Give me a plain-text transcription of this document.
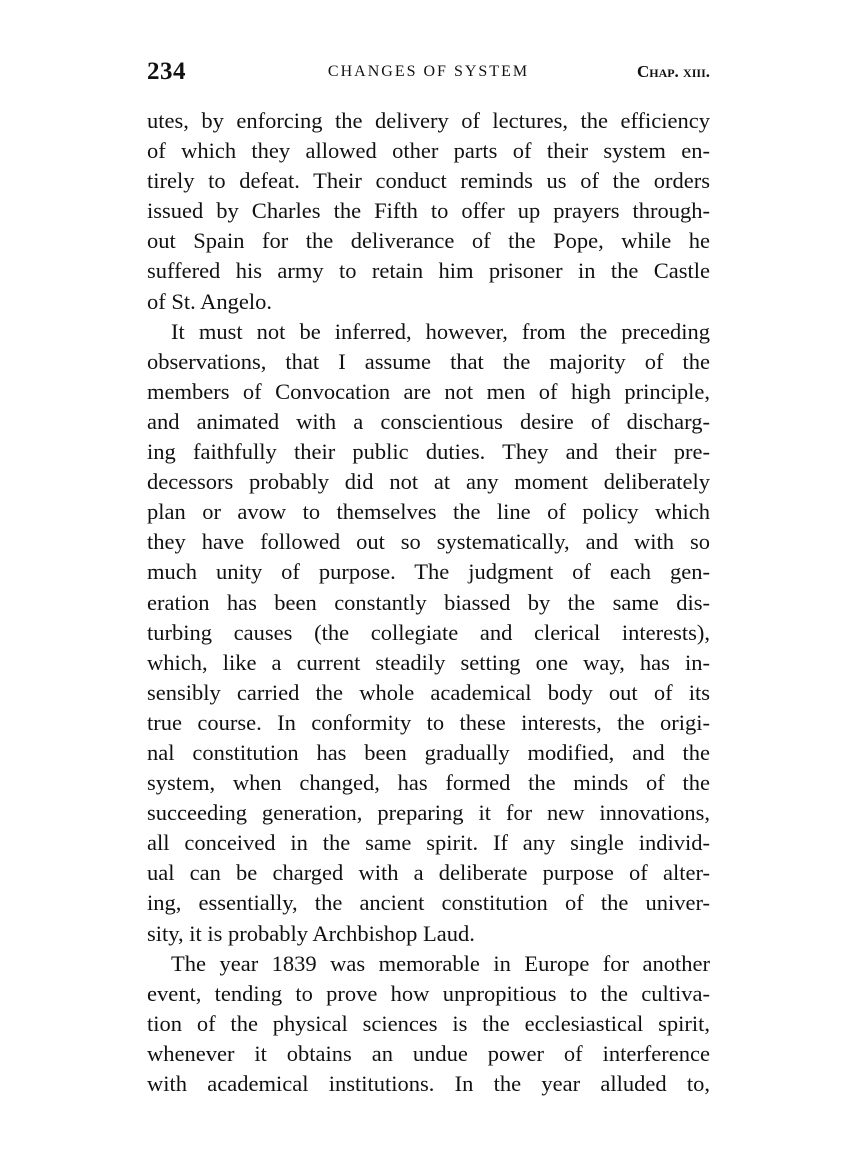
234	CHANGES OF SYSTEM	Chap. xiii.
utes, by enforcing the delivery of lectures, the efficiency
of which they allowed other parts of their system en-
tirely to defeat. Their conduct reminds us of the orders
issued by Charles the Fifth to offer up prayers through-
out Spain for the deliverance of the Pope, while he
suffered his army to retain him prisoner in the Castle
of St. Angelo.
It must not be inferred, however, from the preceding
observations, that I assume that the majority of the
members of Convocation are not men of high principle,
and animated with a conscientious desire of discharg-
ing faithfully their public duties. They and their pre-
decessors probably did not at any moment deliberately
plan or avow to themselves the line of policy which
they have followed out so systematically, and with so
much unity of purpose. The judgment of each gen-
eration has been constantly biassed by the same dis-
turbing causes (the collegiate and clerical interests),
which, like a current steadily setting one way, has in-
sensibly carried the whole academical body out of its
true course. In conformity to these interests, the origi-
nal constitution has been gradually modified, and the
system, when changed, has formed the minds of the
succeeding generation, preparing it for new innovations,
all conceived in the same spirit. If any single individ-
ual can be charged with a deliberate purpose of alter-
ing, essentially, the ancient constitution of the univer-
sity, it is probably Archbishop Laud.
The year 1839 was memorable in Europe for another
event, tending to prove how unpropitious to the cultiva-
tion of the physical sciences is the ecclesiastical spirit,
whenever it obtains an undue power of interference
with academical institutions. In the year alluded to,
